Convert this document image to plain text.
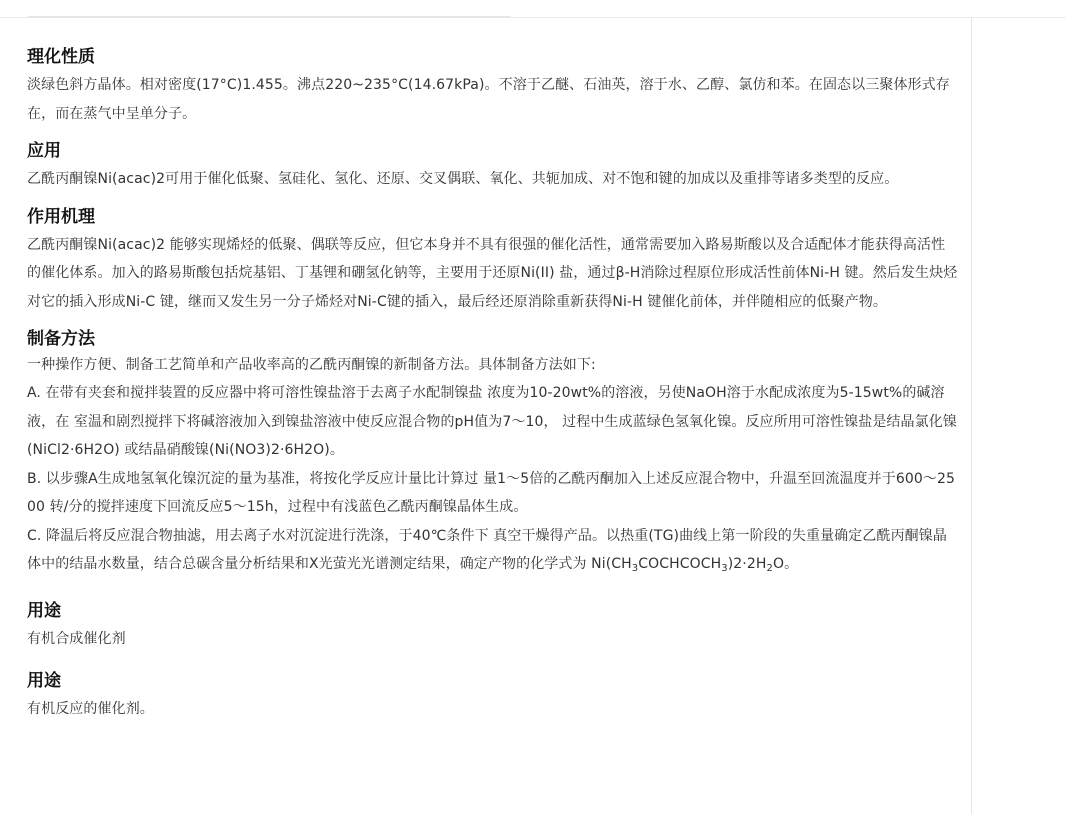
理化性质

淡绿色斜方晶体。相对密度(17°C)1.455。沸点220~235°C(14.67kPa)。不溶于乙醚、石油英，溶于水、乙醇、氯仿和苯。在固态以三聚体形式存在，而在蒸气中呈单分子。

应用

乙酰丙酮镍Ni(acac)2可用于催化低聚、氢硅化、氢化、还原、交叉偶联、氧化、共轭加成、对不饱和键的加成以及重排等诸多类型的反应。

作用机理

乙酰丙酮镍Ni(acac)2 能够实现烯烃的低聚、偶联等反应，但它本身并不具有很强的催化活性，通常需要加入路易斯酸以及合适配体才能获得高活性的催化体系。加入的路易斯酸包括烷基铝、丁基锂和硼氢化钠等，主要用于还原Ni(II) 盐，通过β-H消除过程原位形成活性前体Ni-H 键。然后发生炔烃对它的插入形成Ni-C 键，继而又发生另一分子烯烃对Ni-C键的插入，最后经还原消除重新获得Ni-H 键催化前体，并伴随相应的低聚产物。

制备方法

一种操作方便、制备工艺简单和产品收率高的乙酰丙酮镍的新制备方法。具体制备方法如下:

A. 在带有夹套和搅拌装置的反应器中将可溶性镍盐溶于去离子水配制镍盐 浓度为10-20wt%的溶液，另使NaOH溶于水配成浓度为5-15wt%的碱溶液，在 室温和剧烈搅拌下将碱溶液加入到镍盐溶液中使反应混合物的pH值为7～10， 过程中生成蓝绿色氢氧化镍。反应所用可溶性镍盐是结晶氯化镍(NiCl2·6H2O) 或结晶硝酸镍(Ni(NO3)2·6H2O)。

B. 以步骤A生成地氢氧化镍沉淀的量为基准，将按化学反应计量比计算过 量1～5倍的乙酰丙酮加入上述反应混合物中，升温至回流温度并于600～2500 转/分的搅拌速度下回流反应5～15h，过程中有浅蓝色乙酰丙酮镍晶体生成。

C. 降温后将反应混合物抽滤，用去离子水对沉淀进行洗涤，于40℃条件下 真空干燥得产品。以热重(TG)曲线上第一阶段的失重量确定乙酰丙酮镍晶体中的结晶水数量，结合总碳含量分析结果和X光萤光光谱测定结果，确定产物的化学式为 $Ni(CH_3COCHCOCH_3)2\cdot 2H_2O$。

用途

有机合成催化剂

用途

有机反应的催化剂。
